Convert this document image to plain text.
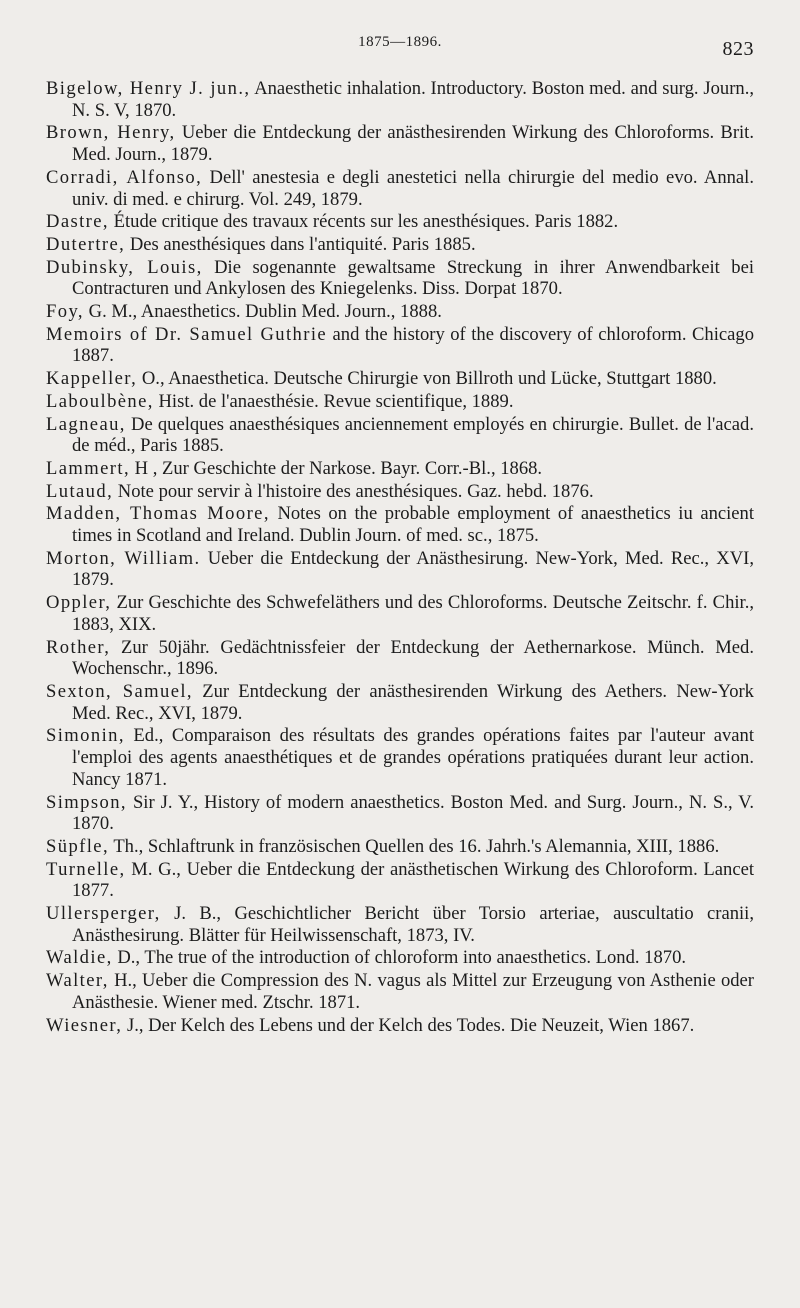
1875—1896.	823
Bigelow, Henry J. jun., Anaesthetic inhalation. Introductory. Boston med. and surg. Journ., N. S. V, 1870.
Brown, Henry, Ueber die Entdeckung der anästhesirenden Wirkung des Chloroforms. Brit. Med. Journ., 1879.
Corradi, Alfonso, Dell' anestesia e degli anestetici nella chirurgie del medio evo. Annal. univ. di med. e chirurg. Vol. 249, 1879.
Dastre, Étude critique des travaux récents sur les anesthésiques. Paris 1882.
Dutertre, Des anesthésiques dans l'antiquité. Paris 1885.
Dubinsky, Louis, Die sogenannte gewaltsame Streckung in ihrer Anwendbarkeit bei Contracturen und Ankylosen des Kniegelenks. Diss. Dorpat 1870.
Foy, G. M., Anaesthetics. Dublin Med. Journ., 1888.
Memoirs of Dr. Samuel Guthrie and the history of the discovery of chloroform. Chicago 1887.
Kappeller, O., Anaesthetica. Deutsche Chirurgie von Billroth und Lücke, Stuttgart 1880.
Laboulbène, Hist. de l'anaesthésie. Revue scientifique, 1889.
Lagneau, De quelques anaesthésiques anciennement employés en chirurgie. Bullet. de l'acad. de méd., Paris 1885.
Lammert, H , Zur Geschichte der Narkose. Bayr. Corr.-Bl., 1868.
Lutaud, Note pour servir à l'histoire des anesthésiques. Gaz. hebd. 1876.
Madden, Thomas Moore, Notes on the probable employment of anaesthetics iu ancient times in Scotland and Ireland. Dublin Journ. of med. sc., 1875.
Morton, William. Ueber die Entdeckung der Anästhesirung. New-York, Med. Rec., XVI, 1879.
Oppler, Zur Geschichte des Schwefeläthers und des Chloroforms. Deutsche Zeitschr. f. Chir., 1883, XIX.
Rother, Zur 50jähr. Gedächtnissfeier der Entdeckung der Aethernarkose. Münch. Med. Wochenschr., 1896.
Sexton, Samuel, Zur Entdeckung der anästhesirenden Wirkung des Aethers. New-York Med. Rec., XVI, 1879.
Simonin, Ed., Comparaison des résultats des grandes opérations faites par l'auteur avant l'emploi des agents anaesthétiques et de grandes opérations pratiquées durant leur action. Nancy 1871.
Simpson, Sir J. Y., History of modern anaesthetics. Boston Med. and Surg. Journ., N. S., V. 1870.
Süpfle, Th., Schlaftrunk in französischen Quellen des 16. Jahrh.'s Alemannia, XIII, 1886.
Turnelle, M. G., Ueber die Entdeckung der anästhetischen Wirkung des Chloroform. Lancet 1877.
Ullersperger, J. B., Geschichtlicher Bericht über Torsio arteriae, auscultatio cranii, Anästhesirung. Blätter für Heilwissenschaft, 1873, IV.
Waldie, D., The true of the introduction of chloroform into anaesthetics. Lond. 1870.
Walter, H., Ueber die Compression des N. vagus als Mittel zur Erzeugung von Asthenie oder Anästhesie. Wiener med. Ztschr. 1871.
Wiesner, J., Der Kelch des Lebens und der Kelch des Todes. Die Neuzeit, Wien 1867.
